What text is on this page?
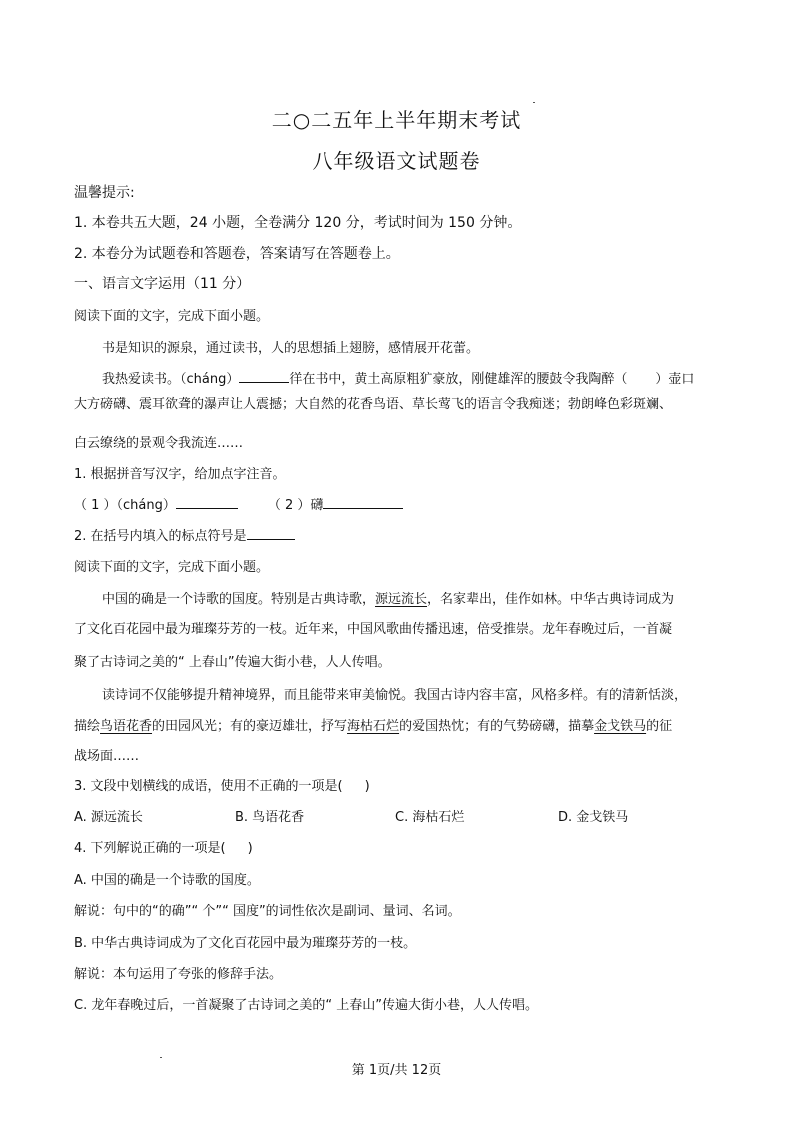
二○二五年上半年期末考试
八年级语文试题卷
温馨提示:
1. 本卷共五大题，24 小题，全卷满分 120 分，考试时间为 150 分钟。
2. 本卷分为试题卷和答题卷，答案请写在答题卷上。
一、语言文字运用（11 分）
阅读下面的文字，完成下面小题。
书是知识的源泉，通过读书，人的思想插上翅膀，感情展开花蕾。
我热爱读书。（cháng）	徉在书中，黄土高原粗犷豪放，刚健雄浑的腰鼓令我陶醉（ ）壶口
大方磅礴、震耳欲聋的瀑声让人震撼；大自然的花香鸟语、草长莺飞的语言令我痴迷；勃朗峰色彩斑斓、
白云缭绕的景观令我流连……
1. 根据拼音写汉字，给加点字注音。
（ 1 ）（cháng）	（ 2 ）礴
2. 在括号内填入的标点符号是
阅读下面的文字，完成下面小题。
中国的确是一个诗歌的国度。特别是古典诗歌，源远流长，名家辈出，佳作如林。中华古典诗词成为
了文化百花园中最为璀璨芬芳的一枝。近年来，中国风歌曲传播迅速，倍受推崇。龙年春晚过后，一首凝
聚了古诗词之美的“ 上春山”传遍大街小巷，人人传唱。
读诗词不仅能够提升精神境界，而且能带来审美愉悦。我国古诗内容丰富，风格多样。有的清新恬淡，
描绘鸟语花香的田园风光；有的豪迈雄壮，抒写海枯石烂的爱国热忱；有的气势磅礴，描摹金戈铁马的征
战场面……
3. 文段中划横线的成语，使用不正确的一项是( )
A. 源远流长	B. 鸟语花香	C. 海枯石烂	D. 金戈铁马
4. 下列解说正确的一项是( )
A. 中国的确是一个诗歌的国度。
解说：句中的“的确”“ 个”“ 国度”的词性依次是副词、量词、名词。
B. 中华古典诗词成为了文化百花园中最为璀璨芬芳的一枝。
解说：本句运用了夸张的修辞手法。
C. 龙年春晚过后，一首凝聚了古诗词之美的“ 上春山”传遍大街小巷，人人传唱。
第 1页/共 12页
